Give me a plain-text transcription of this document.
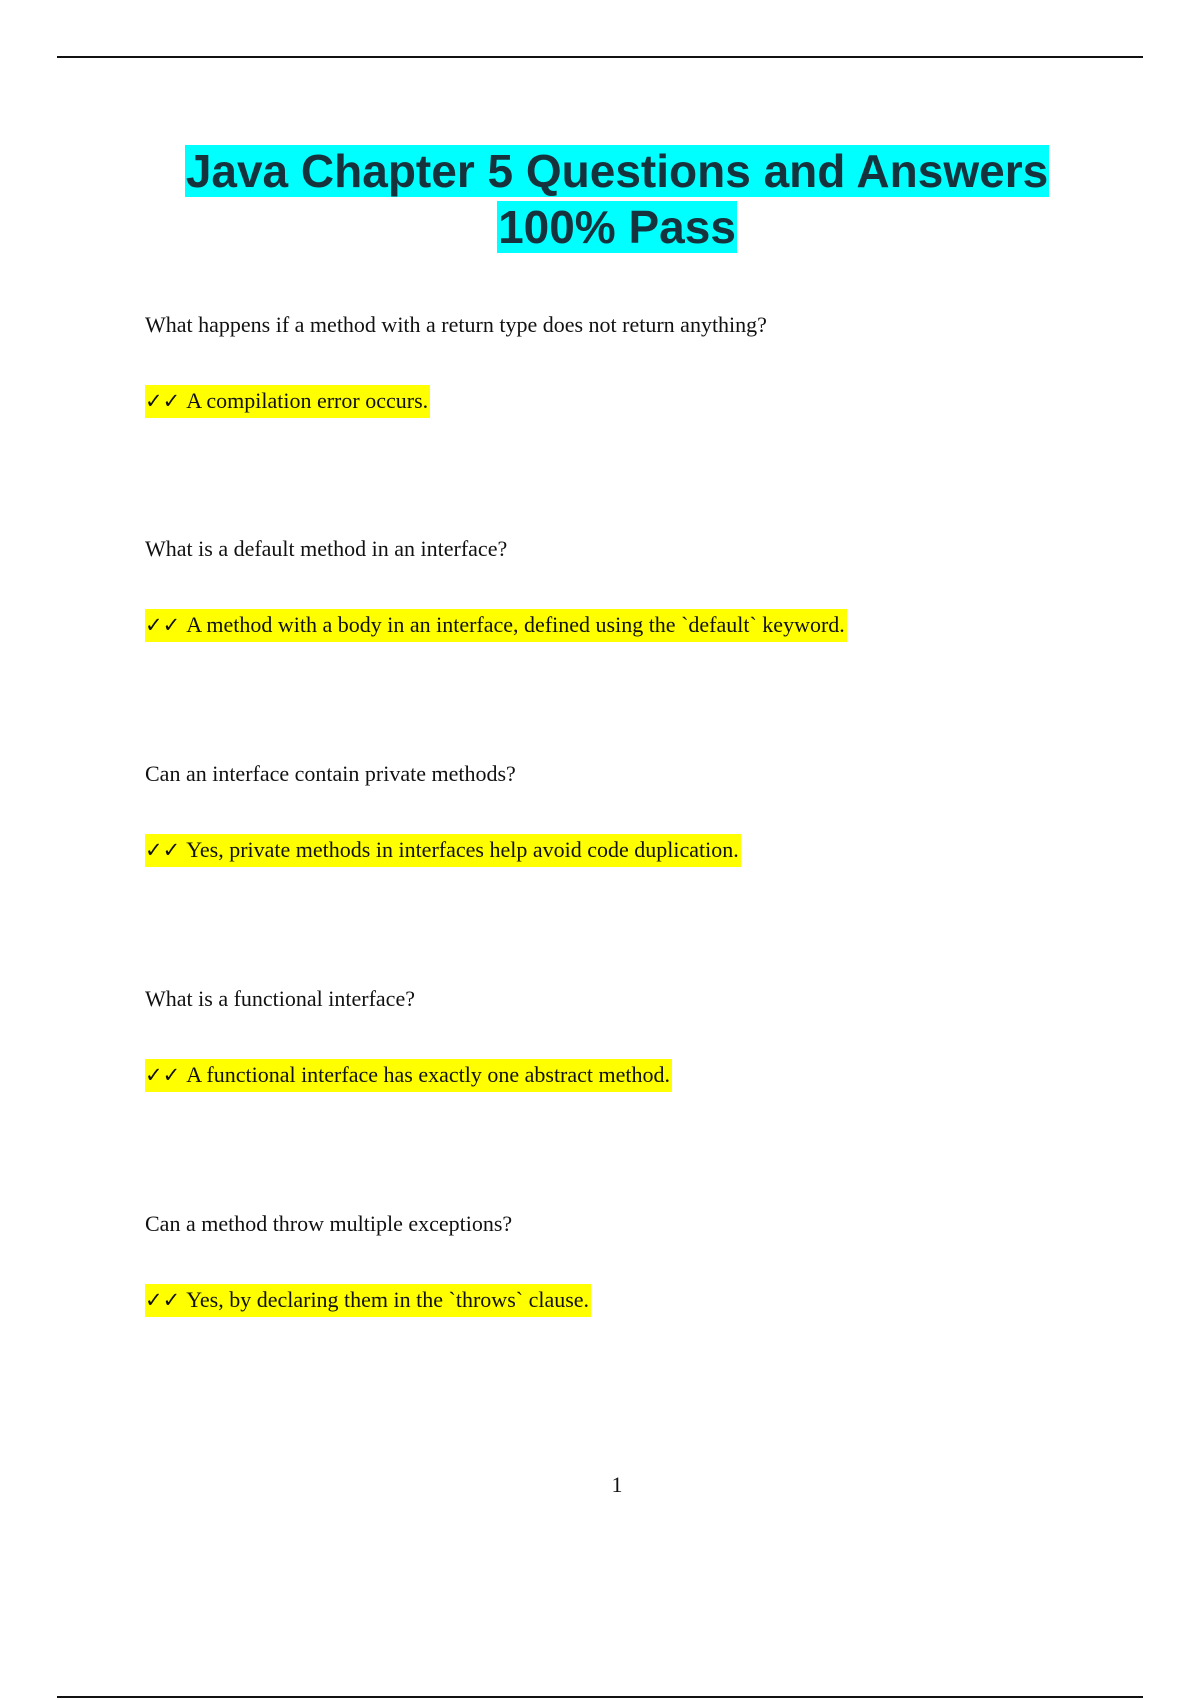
Java Chapter 5 Questions and Answers
100% Pass
What happens if a method with a return type does not return anything?
✓✓ A compilation error occurs.
What is a default method in an interface?
✓✓ A method with a body in an interface, defined using the `default` keyword.
Can an interface contain private methods?
✓✓ Yes, private methods in interfaces help avoid code duplication.
What is a functional interface?
✓✓ A functional interface has exactly one abstract method.
Can a method throw multiple exceptions?
✓✓ Yes, by declaring them in the `throws` clause.
1
